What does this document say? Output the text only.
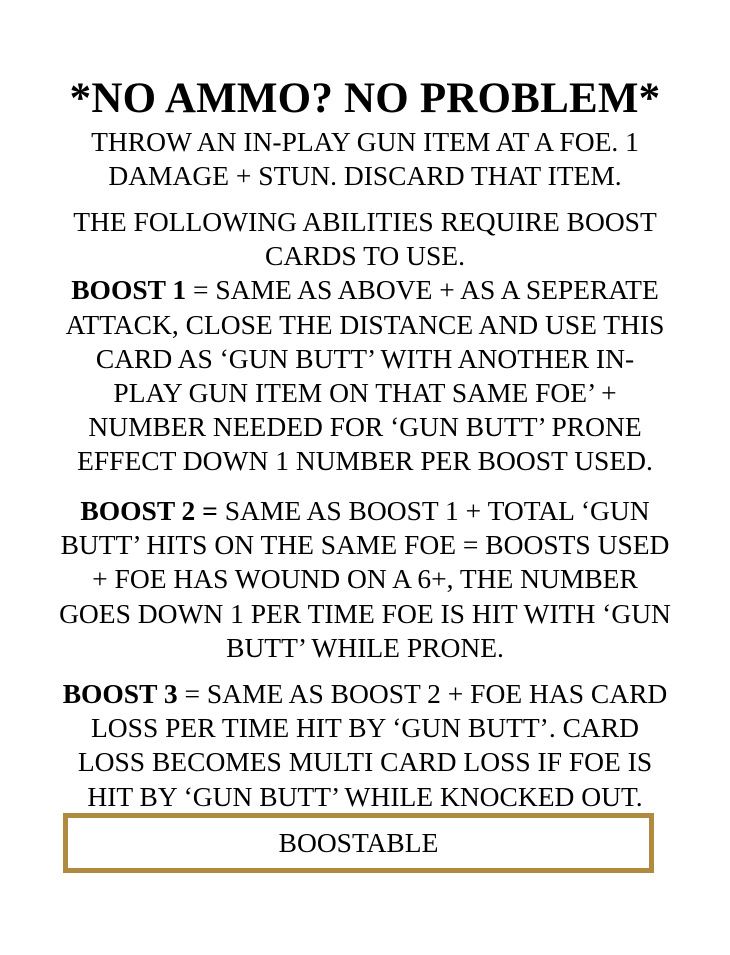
*NO AMMO? NO PROBLEM*

THROW AN IN-PLAY GUN ITEM AT A FOE. 1
DAMAGE + STUN. DISCARD THAT ITEM.

THE FOLLOWING ABILITIES REQUIRE BOOST
CARDS TO USE.
BOOST 1 = SAME AS ABOVE + AS A SEPERATE
ATTACK, CLOSE THE DISTANCE AND USE THIS
CARD AS ‘GUN BUTT’ WITH ANOTHER IN-
PLAY GUN ITEM ON THAT SAME FOE’ +
NUMBER NEEDED FOR ‘GUN BUTT’ PRONE
EFFECT DOWN 1 NUMBER PER BOOST USED.

BOOST 2 = SAME AS BOOST 1 + TOTAL ‘GUN
BUTT’ HITS ON THE SAME FOE = BOOSTS USED
+ FOE HAS WOUND ON A 6+, THE NUMBER
GOES DOWN 1 PER TIME FOE IS HIT WITH ‘GUN
BUTT’ WHILE PRONE.

BOOST 3 = SAME AS BOOST 2 + FOE HAS CARD
LOSS PER TIME HIT BY ‘GUN BUTT’. CARD
LOSS BECOMES MULTI CARD LOSS IF FOE IS
HIT BY ‘GUN BUTT’ WHILE KNOCKED OUT.

BOOSTABLE
